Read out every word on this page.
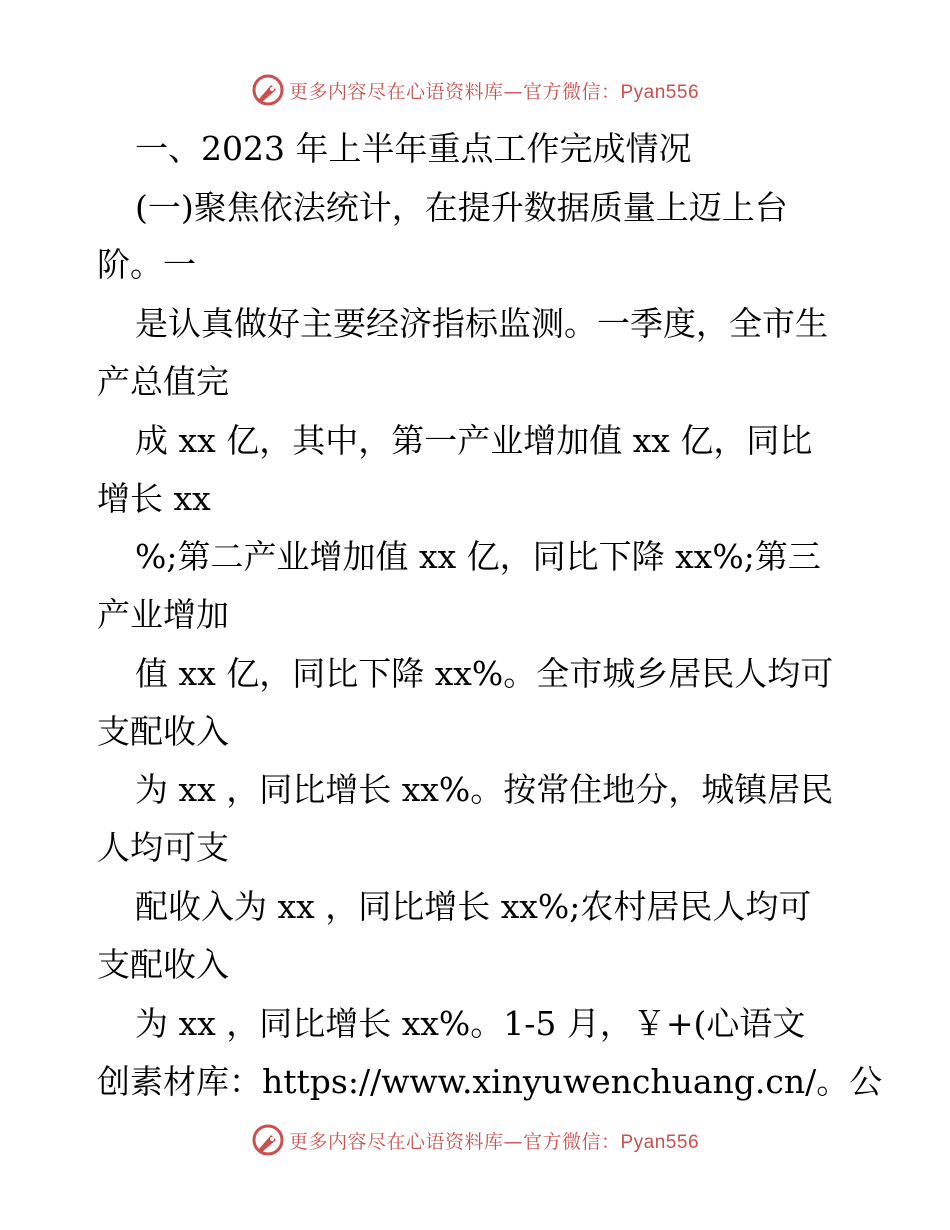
更多内容尽在心语资料库—官方微信：Pyan556
一、2023 年上半年重点工作完成情况
(一)聚焦依法统计，在提升数据质量上迈上台
阶。一
是认真做好主要经济指标监测。一季度，全市生
产总值完
成 xx 亿，其中，第一产业增加值 xx 亿，同比
增长 xx
%;第二产业增加值 xx 亿，同比下降 xx%;第三
产业增加
值 xx 亿，同比下降 xx%。全市城乡居民人均可
支配收入
为 xx ，同比增长 xx%。按常住地分，城镇居民
人均可支
配收入为 xx ，同比增长 xx%;农村居民人均可
支配收入
为 xx ，同比增长 xx%。1-5 月，￥+(心语文
创素材库：https://www.xinyuwenchuang.cn/。公
更多内容尽在心语资料库—官方微信：Pyan556
